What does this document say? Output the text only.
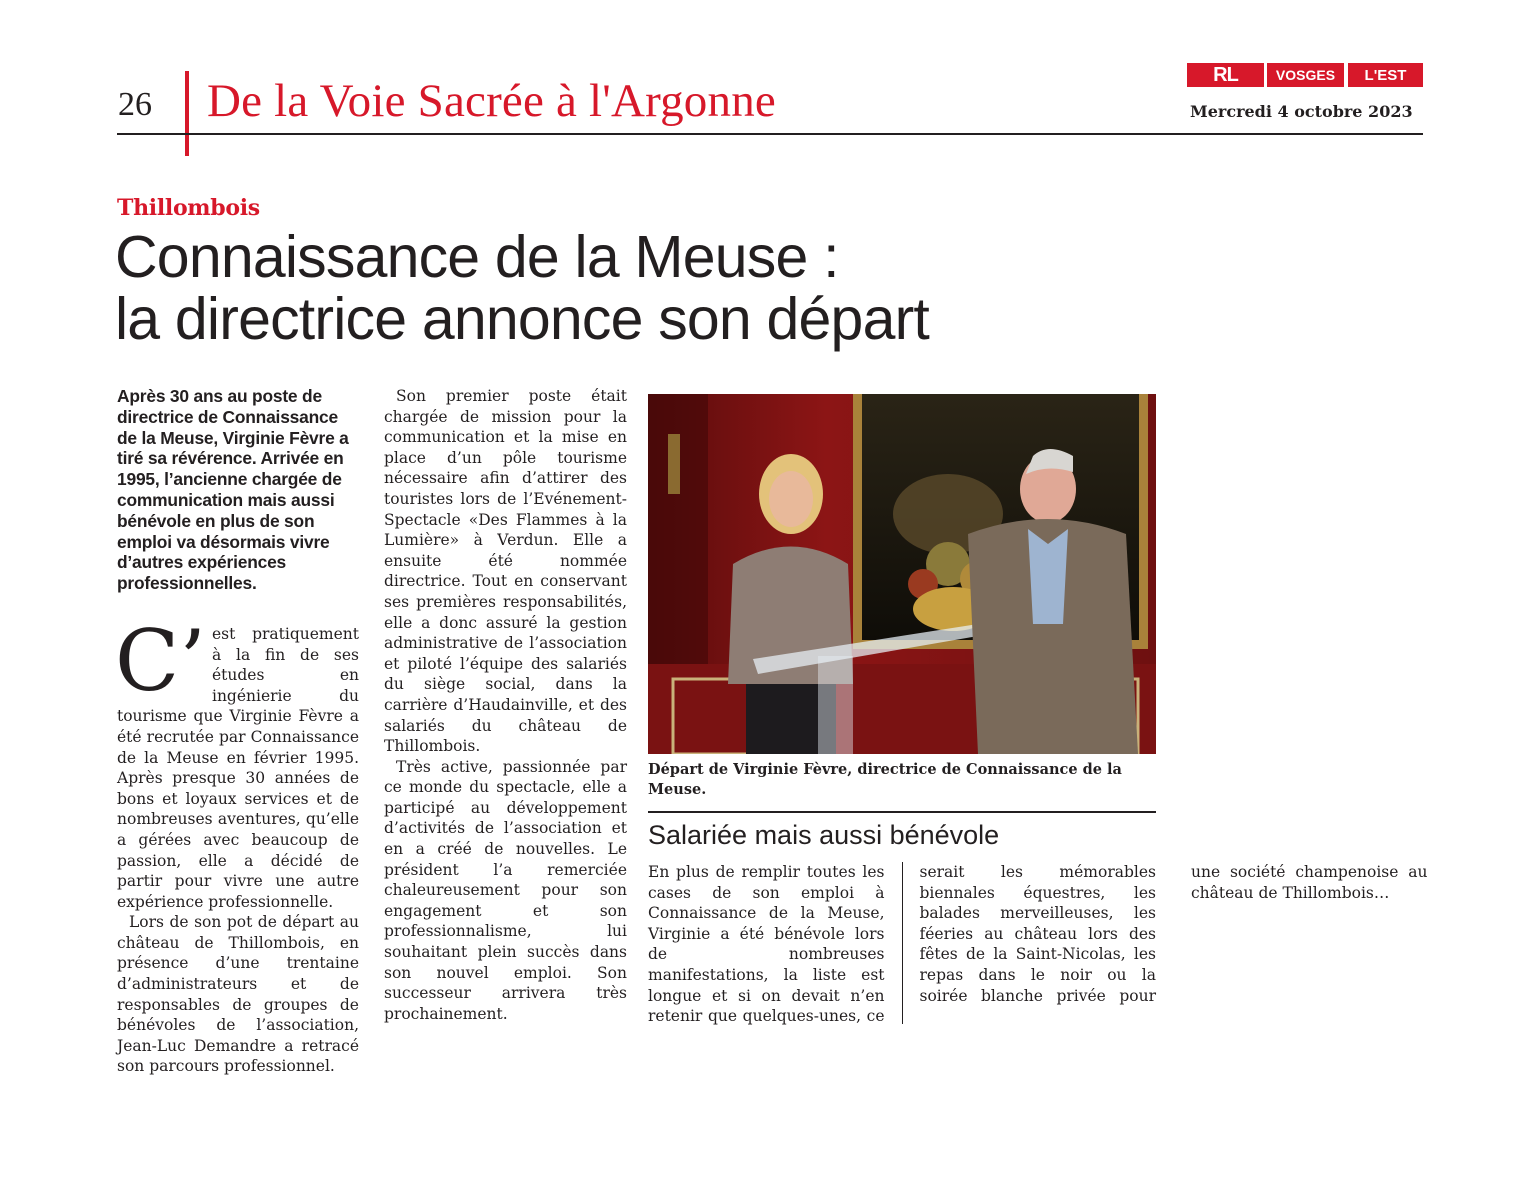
26 De la Voie Sacrée à l'Argonne
RL	VOSGES	L'EST
Mercredi 4 octobre 2023
Thillombois
Connaissance de la Meuse :
la directrice annonce son départ
Après 30 ans au poste de directrice de Connaissance de la Meuse, Virginie Fèvre a tiré sa révérence. Arrivée en 1995, l’ancienne chargée de communication mais aussi bénévole en plus de son emploi va désormais vivre d’autres expériences professionnelles.

C’ est pratiquement à la fin de ses études en ingénierie du tourisme que Virginie Fèvre a été recrutée par Connaissance de la Meuse en février 1995. Après presque 30 années de bons et loyaux services et de nombreuses aventures, qu’elle a gérées avec beaucoup de passion, elle a décidé de partir pour vivre une autre expérience professionnelle.

Lors de son pot de départ au château de Thillombois, en présence d’une trentaine d’administrateurs et de responsables de groupes de bénévoles de l’association, Jean-Luc Demandre a retracé son parcours professionnel.

Son premier poste était chargée de mission pour la communication et la mise en place d’un pôle tourisme nécessaire afin d’attirer des touristes lors de l’Evénement-Spectacle «Des Flammes à la Lumière» à Verdun. Elle a ensuite été nommée directrice. Tout en conservant ses premières responsabilités, elle a donc assuré la gestion administrative de l’association et piloté l’équipe des salariés du siège social, dans la carrière d’Haudainville, et des salariés du château de Thillombois.

Très active, passionnée par ce monde du spectacle, elle a participé au développement d’activités de l’association et en a créé de nouvelles. Le président l’a remerciée chaleureusement pour son engagement et son professionnalisme, lui souhaitant plein succès dans son nouvel emploi. Son successeur arrivera très prochainement.

Départ de Virginie Fèvre, directrice de Connaissance de la Meuse.
Salariée mais aussi bénévole

En plus de remplir toutes les cases de son emploi à Connaissance de la Meuse, Virginie a été bénévole lors de nombreuses manifestations, la liste est longue et si on devait n’en retenir que quelques-unes, ce serait les mémorables biennales équestres, les balades merveilleuses, les féeries au château lors des fêtes de la Saint-Nicolas, les repas dans le noir ou la soirée blanche privée pour une société champenoise au château de Thillombois…
